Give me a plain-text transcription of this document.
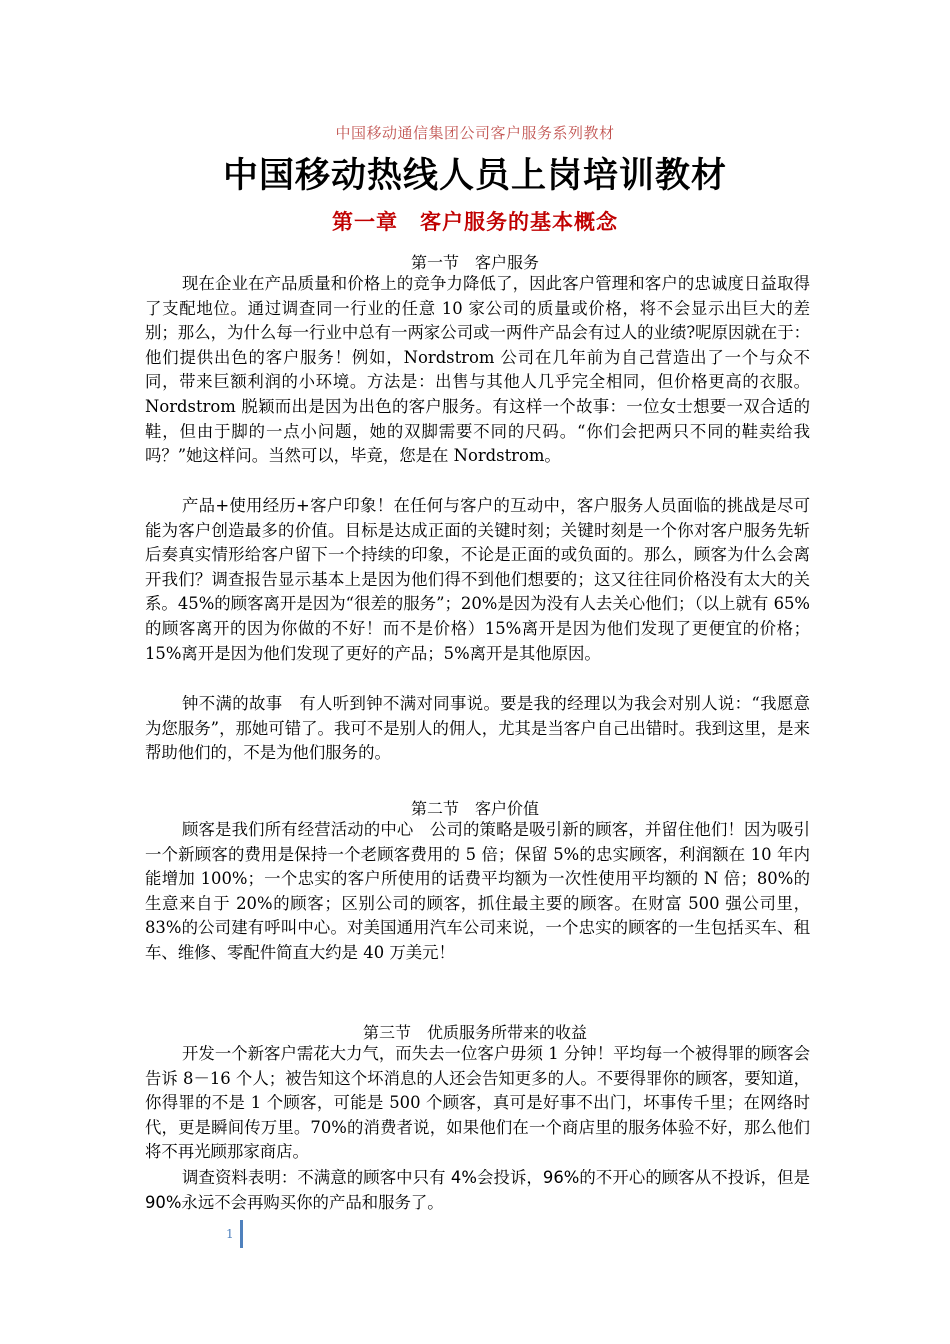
中国移动通信集团公司客户服务系列教材
中国移动热线人员上岗培训教材
第一章　客户服务的基本概念
第一节　客户服务

现在企业在产品质量和价格上的竞争力降低了，因此客户管理和客户的忠诚度日益取得了支配地位。通过调查同一行业的任意 10 家公司的质量或价格，将不会显示出巨大的差别；那么，为什么每一行业中总有一两家公司或一两件产品会有过人的业绩?呢原因就在于：他们提供出色的客户服务！例如，Nordstrom 公司在几年前为自己营造出了一个与众不同，带来巨额利润的小环境。方法是：出售与其他人几乎完全相同，但价格更高的衣服。Nordstrom 脱颖而出是因为出色的客户服务。有这样一个故事：一位女士想要一双合适的鞋，但由于脚的一点小问题，她的双脚需要不同的尺码。“你们会把两只不同的鞋卖给我吗？”她这样问。当然可以，毕竟，您是在 Nordstrom。

产品+使用经历+客户印象！在任何与客户的互动中，客户服务人员面临的挑战是尽可能为客户创造最多的价值。目标是达成正面的关键时刻；关键时刻是一个你对客户服务先斩后奏真实情形给客户留下一个持续的印象，不论是正面的或负面的。那么，顾客为什么会离开我们？调查报告显示基本上是因为他们得不到他们想要的；这又往往同价格没有太大的关系。45%的顾客离开是因为“很差的服务”；20%是因为没有人去关心他们；（以上就有 65%的顾客离开的因为你做的不好！而不是价格）15%离开是因为他们发现了更便宜的价格；15%离开是因为他们发现了更好的产品；5%离开是其他原因。

钟不满的故事　有人听到钟不满对同事说。要是我的经理以为我会对别人说：“我愿意为您服务”，那她可错了。我可不是别人的佣人，尤其是当客户自己出错时。我到这里，是来帮助他们的，不是为他们服务的。

第二节　客户价值

顾客是我们所有经营活动的中心　公司的策略是吸引新的顾客，并留住他们！因为吸引一个新顾客的费用是保持一个老顾客费用的 5 倍；保留 5%的忠实顾客，利润额在 10 年内能增加 100%；一个忠实的客户所使用的话费平均额为一次性使用平均额的 N 倍；80%的生意来自于 20%的顾客；区别公司的顾客，抓住最主要的顾客。在财富 500 强公司里，83%的公司建有呼叫中心。对美国通用汽车公司来说，一个忠实的顾客的一生包括买车、租车、维修、零配件简直大约是 40 万美元！

第三节　优质服务所带来的收益

开发一个新客户需花大力气，而失去一位客户毋须 1 分钟！平均每一个被得罪的顾客会告诉 8－16 个人；被告知这个坏消息的人还会告知更多的人。不要得罪你的顾客，要知道，你得罪的不是 1 个顾客，可能是 500 个顾客，真可是好事不出门，坏事传千里；在网络时代，更是瞬间传万里。70%的消费者说，如果他们在一个商店里的服务体验不好，那么他们将不再光顾那家商店。

调查资料表明：不满意的顾客中只有 4%会投诉，96%的不开心的顾客从不投诉，但是 90%永远不会再购买你的产品和服务了。

1
